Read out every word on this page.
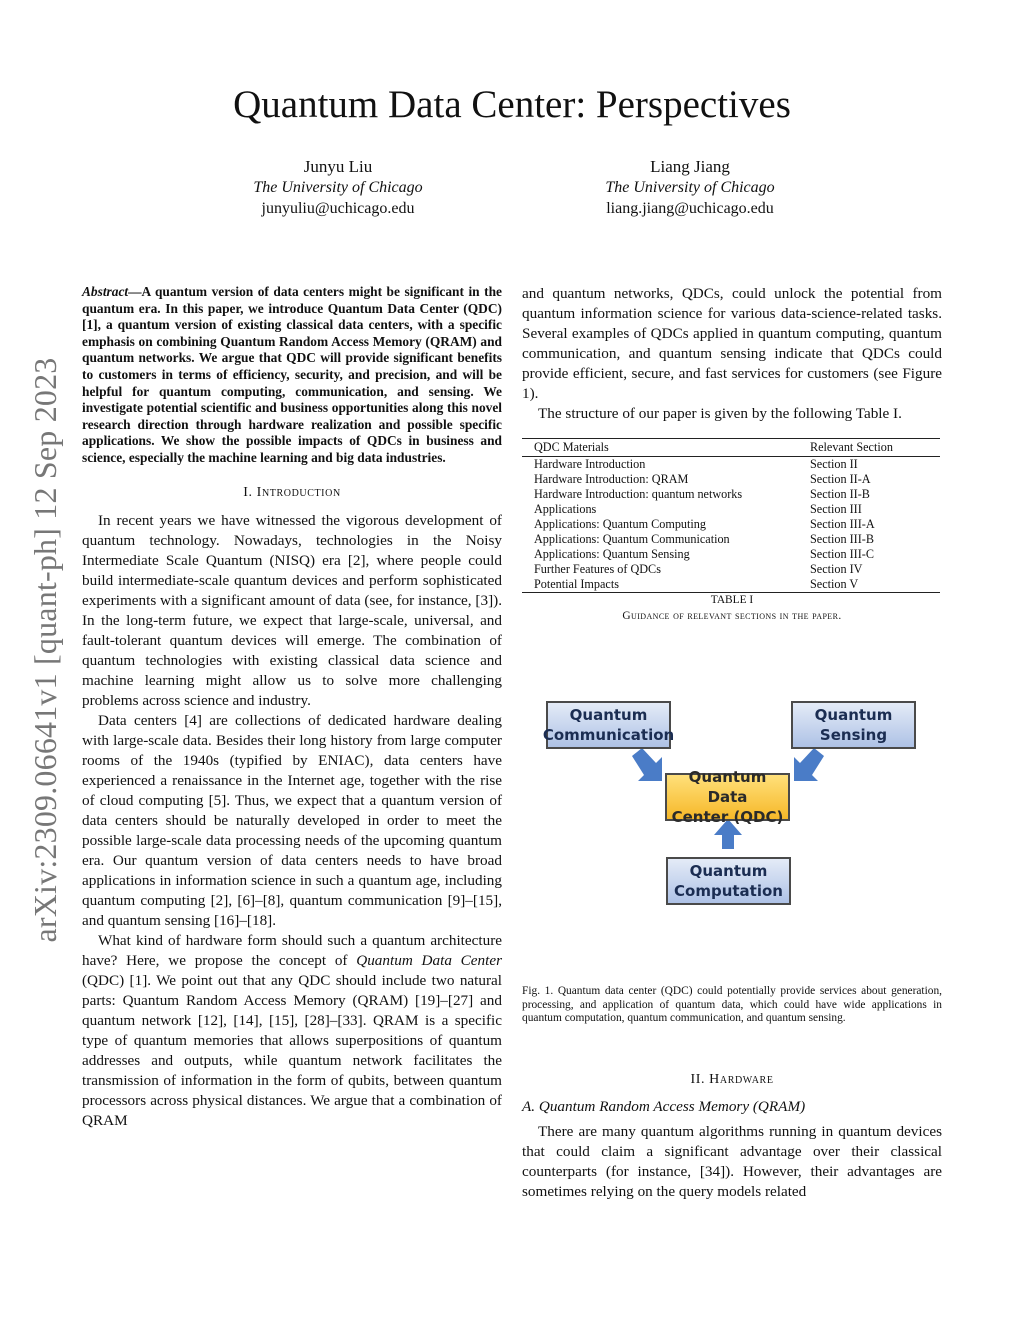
arXiv:2309.06641v1 [quant-ph] 12 Sep 2023
Quantum Data Center: Perspectives
Junyu Liu
The University of Chicago
junyuliu@uchicago.edu
Liang Jiang
The University of Chicago
liang.jiang@uchicago.edu

Abstract—A quantum version of data centers might be significant in the quantum era. In this paper, we introduce Quantum Data Center (QDC) [1], a quantum version of existing classical data centers, with a specific emphasis on combining Quantum Random Access Memory (QRAM) and quantum networks. We argue that QDC will provide significant benefits to customers in terms of efficiency, security, and precision, and will be helpful for quantum computing, communication, and sensing. We investigate potential scientific and business opportunities along this novel research direction through hardware realization and possible specific applications. We show the possible impacts of QDCs in business and science, especially the machine learning and big data industries.

I. Introduction

In recent years we have witnessed the vigorous development of quantum technology. Nowadays, technologies in the Noisy Intermediate Scale Quantum (NISQ) era [2], where people could build intermediate-scale quantum devices and perform sophisticated experiments with a significant amount of data (see, for instance, [3]). In the long-term future, we expect that large-scale, universal, and fault-tolerant quantum devices will emerge. The combination of quantum technologies with existing classical data science and machine learning might allow us to solve more challenging problems across science and industry.

Data centers [4] are collections of dedicated hardware dealing with large-scale data. Besides their long history from large computer rooms of the 1940s (typified by ENIAC), data centers have experienced a renaissance in the Internet age, together with the rise of cloud computing [5]. Thus, we expect that a quantum version of data centers should be naturally developed in order to meet the possible large-scale data processing needs of the upcoming quantum era. Our quantum version of data centers needs to have broad applications in information science in such a quantum age, including quantum computing [2], [6]–[8], quantum communication [9]–[15], and quantum sensing [16]–[18].

What kind of hardware form should such a quantum architecture have? Here, we propose the concept of Quantum Data Center (QDC) [1]. We point out that any QDC should include two natural parts: Quantum Random Access Memory (QRAM) [19]–[27] and quantum network [12], [14], [15], [28]–[33]. QRAM is a specific type of quantum memories that allows superpositions of quantum addresses and outputs, while quantum network facilitates the transmission of information in the form of qubits, between quantum processors across physical distances. We argue that a combination of QRAM

and quantum networks, QDCs, could unlock the potential from quantum information science for various data-science-related tasks. Several examples of QDCs applied in quantum computing, quantum communication, and quantum sensing indicate that QDCs could provide efficient, secure, and fast services for customers (see Figure 1).

The structure of our paper is given by the following Table I.

QDC Materials	Relevant Section
Hardware Introduction	Section II
Hardware Introduction: QRAM	Section II-A
Hardware Introduction: quantum networks	Section II-B
Applications	Section III
Applications: Quantum Computing	Section III-A
Applications: Quantum Communication	Section III-B
Applications: Quantum Sensing	Section III-C
Further Features of QDCs	Section IV
Potential Impacts	Section V
TABLE I
Guidance of relevant sections in the paper.
Quantum
Communication
Quantum
Sensing
Quantum Data
Center (QDC)
Quantum
Computation
Fig. 1. Quantum data center (QDC) could potentially provide services about generation, processing, and application of quantum data, which could have wide applications in quantum computation, quantum communication, and quantum sensing.
II. Hardware
A. Quantum Random Access Memory (QRAM)

There are many quantum algorithms running in quantum devices that could claim a significant advantage over their classical counterparts (for instance, [34]). However, their advantages are sometimes relying on the query models related
